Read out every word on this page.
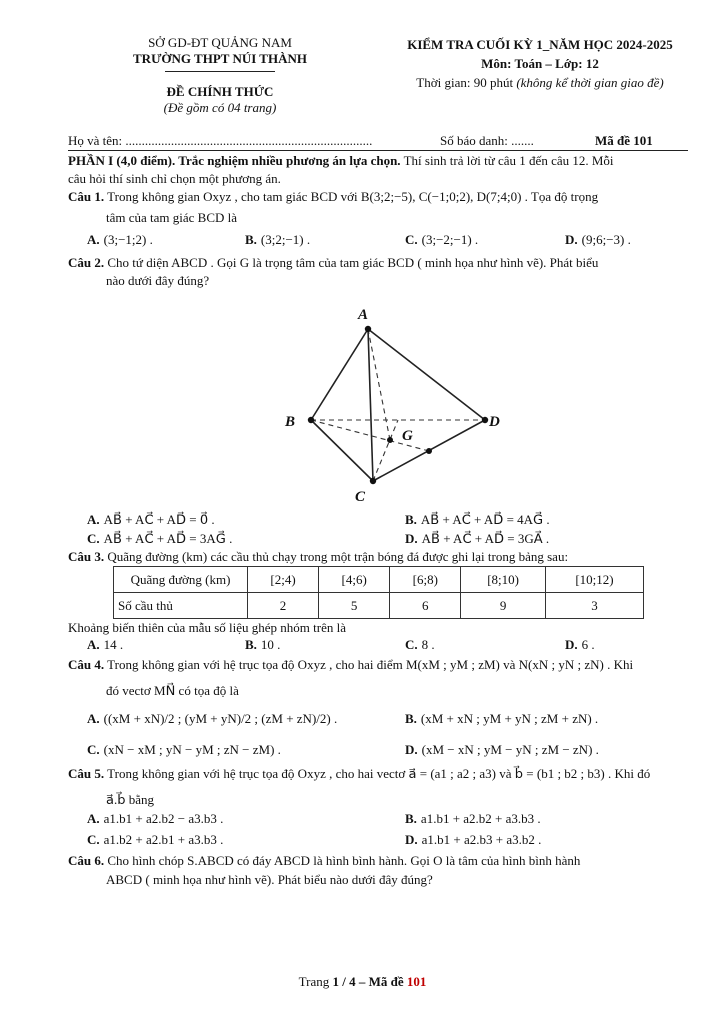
SỞ GD-ĐT QUẢNG NAM
TRƯỜNG THPT NÚI THÀNH
ĐỀ CHÍNH THỨC
(Đề gồm có 04 trang)
KIỂM TRA CUỐI KỲ 1_NĂM HỌC 2024-2025
Môn: Toán – Lớp: 12
Thời gian: 90 phút (không kể thời gian giao đề)
Họ và tên: ............................................................................	Số báo danh: .......	Mã đề 101
PHẦN I (4,0 điểm). Trắc nghiệm nhiều phương án lựa chọn. Thí sinh trả lời từ câu 1 đến câu 12. Mỗi
câu hỏi thí sinh chỉ chọn một phương án.
Câu 1. Trong không gian Oxyz , cho tam giác BCD với B(3;2;−5), C(−1;0;2), D(7;4;0) . Tọa độ trọng
tâm của tam giác BCD là
A. (3;−1;2) .	B. (3;2;−1) .	C. (3;−2;−1) .	D. (9;6;−3) .
Câu 2. Cho tứ diện ABCD . Gọi G là trọng tâm của tam giác BCD ( minh họa như hình vẽ). Phát biểu
nào dưới đây đúng?
A
B
C
D
G
A. AB⃗ + AC⃗ + AD⃗ = 0⃗ .	B. AB⃗ + AC⃗ + AD⃗ = 4AG⃗ .
C. AB⃗ + AC⃗ + AD⃗ = 3AG⃗ .	D. AB⃗ + AC⃗ + AD⃗ = 3GA⃗ .
Câu 3. Quãng đường (km) các cầu thủ chạy trong một trận bóng đá được ghi lại trong bảng sau:
Quãng đường (km)	[2;4)	[4;6)	[6;8)	[8;10)	[10;12)
Số cầu thủ	2	5	6	9	3
Khoảng biến thiên của mẫu số liệu ghép nhóm trên là
A. 14 .	B. 10 .	C. 8 .	D. 6 .
Câu 4. Trong không gian với hệ trục tọa độ Oxyz , cho hai điểm M(xM ; yM ; zM) và N(xN ; yN ; zN) . Khi
đó vectơ MN⃗ có tọa độ là
A. ((xM + xN)/2 ; (yM + yN)/2 ; (zM + zN)/2) .	B. (xM + xN ; yM + yN ; zM + zN) .
C. (xN − xM ; yN − yM ; zN − zM) .	D. (xM − xN ; yM − yN ; zM − zN) .
Câu 5. Trong không gian với hệ trục tọa độ Oxyz , cho hai vectơ a⃗ = (a1 ; a2 ; a3) và b⃗ = (b1 ; b2 ; b3) . Khi đó
a⃗.b⃗ bằng
A. a1.b1 + a2.b2 − a3.b3 .	B. a1.b1 + a2.b2 + a3.b3 .
C. a1.b2 + a2.b1 + a3.b3 .	D. a1.b1 + a2.b3 + a3.b2 .
Câu 6. Cho hình chóp S.ABCD có đáy ABCD là hình bình hành. Gọi O là tâm của hình bình hành
ABCD ( minh họa như hình vẽ). Phát biểu nào dưới đây đúng?
Trang 1 / 4 – Mã đề 101
